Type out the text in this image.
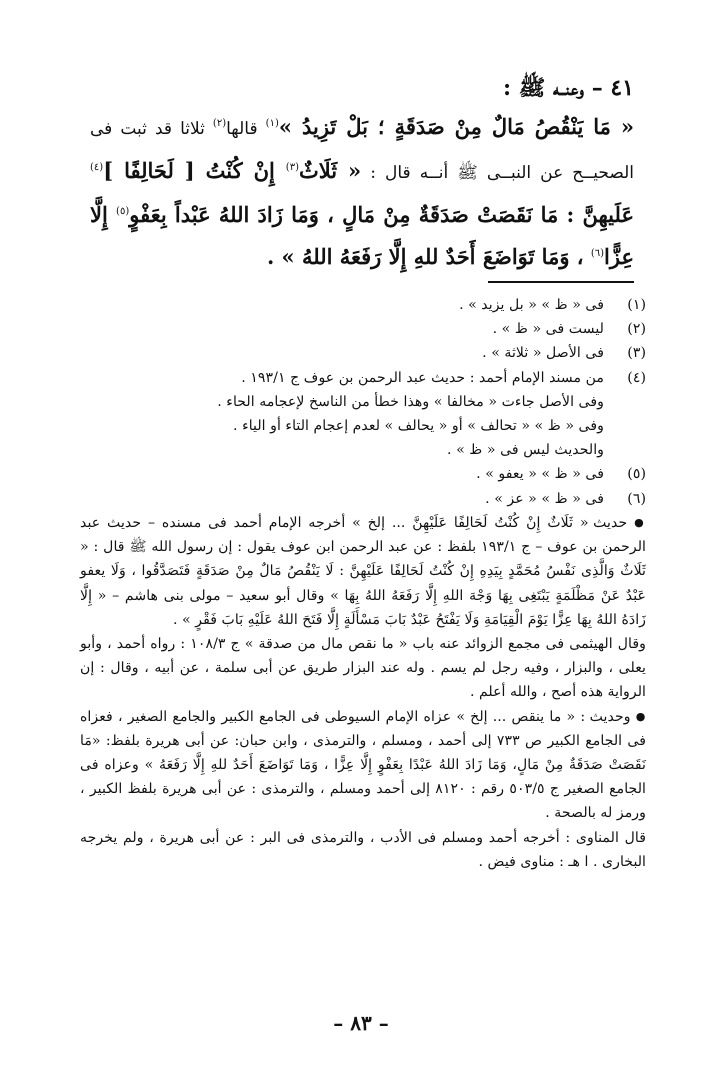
٤١ – وعنــه ﷺ :
« مَا يَنْقُصُ مَالٌ مِنْ صَدَقَةٍ ؛ بَلْ تَزِيدُ »$^{(١)}$ قالها$^{(٢)}$ ثلاثا قد ثبت فى الصحيــح عن النبــى ﷺ أنــه قال : « ثَلَاثٌ$^{(٣)}$ إِنْ كُنْتُ [ لَحَالِفًا ]$^{(٤)}$ عَلَيهِنَّ : مَا نَقَصَتْ صَدَقَةٌ مِنْ مَالٍ ، وَمَا زَادَ اللهُ عَبْداً بِعَفْوٍ$^{(٥)}$ إِلَّا عِزًّا$^{(٦)}$ ، وَمَا تَوَاضَعَ أَحَدٌ للهِ إِلَّا رَفَعَهُ اللهُ » .
(١)
فى « ظ » « بل يزيد » .
(٢)
ليست فى « ظ » .
(٣)
فى الأصل « ثلاثة » .
(٤)
من مسند الإمام أحمد : حديث عبد الرحمن بن عوف ج ١٩٣/١ .
وفى الأصل جاءت « مخالفا » وهذا خطأ من الناسخ لإعجامه الحاء .
وفى « ظ » « تحالف » أو « يحالف » لعدم إعجام التاء أو الياء .
والحديث ليس فى « ظ » .
(٥)
فى « ظ » « يعفو » .
(٦)
فى « ظ » « عز » .
● حديث « ثَلَاثٌ إِنْ كُنْتُ لَحَالِفًا عَلَيْهِنَّ ... إلخ » أخرجه الإمام أحمد فى مسنده – حديث عبد الرحمن بن عوف – ج ١٩٣/١ بلفظ : عن عبد الرحمن ابن عوف يقول : إن رسول الله ﷺ قال : « ثَلَاثٌ وَالَّذِى نَفْسُ مُحَمَّدٍ بِيَدِهِ إِنْ كُنْتُ لَحَالِفًا عَلَيْهِنَّ : لَا يَنْقُصُ مَالٌ مِنْ صَدَقَةٍ فَتَصَدَّقُوا ، وَلَا يعفو عَبْدٌ عَنْ مَظْلَمَةٍ يَبْتَغِى بِهَا وَجْهَ اللهِ إِلَّا رَفَعَهُ اللهُ بِهَا » وقال أبو سعيد – مولى بنى هاشم – « إِلَّا زَادَهُ اللهُ بِهَا عِزًّا يَوْمَ الْقِيَامَةِ وَلَا يَفْتَحُ عَبْدٌ بَابَ مَسْأَلَةٍ إِلَّا فَتَحَ اللهُ عَلَيْهِ بَابَ فَقْرٍ » .
وقال الهيثمى فى مجمع الزوائد عنه باب « ما نقص مال من صدقة » ج ١٠٨/٣ : رواه أحمد ، وأبو يعلى ، والبزار ، وفيه رجل لم يسم . وله عند البزار طريق عن أبى سلمة ، عن أبيه ، وقال : إن الرواية هذه أصح ، والله أعلم .
● وحديث : « ما ينقص ... إلخ » عزاه الإمام السيوطى فى الجامع الكبير والجامع الصغير ، فعزاه فى الجامع الكبير ص ٧٣٣ إلى أحمد ، ومسلم ، والترمذى ، وابن حبان: عن أبى هريرة بلفظ: «مَا نَقَصَتْ صَدَقَةٌ مِنْ مَالٍ، وَمَا زَادَ اللهُ عَبْدًا بِعَفْوٍ إِلَّا عِزًّا ، وَمَا تَوَاضَعَ أَحَدٌ للهِ إِلَّا رَفَعَهُ » وعزاه فى الجامع الصغير ج ٥٠٣/٥ رقم : ٨١٢٠ إلى أحمد ومسلم ، والترمذى : عن أبى هريرة بلفظ الكبير ، ورمز له بالصحة .
قال المناوى : أخرجه أحمد ومسلم فى الأدب ، والترمذى فى البر : عن أبى هريرة ، ولم يخرجه البخارى . ا هـ : مناوى فيض .
– ٨٣ –
